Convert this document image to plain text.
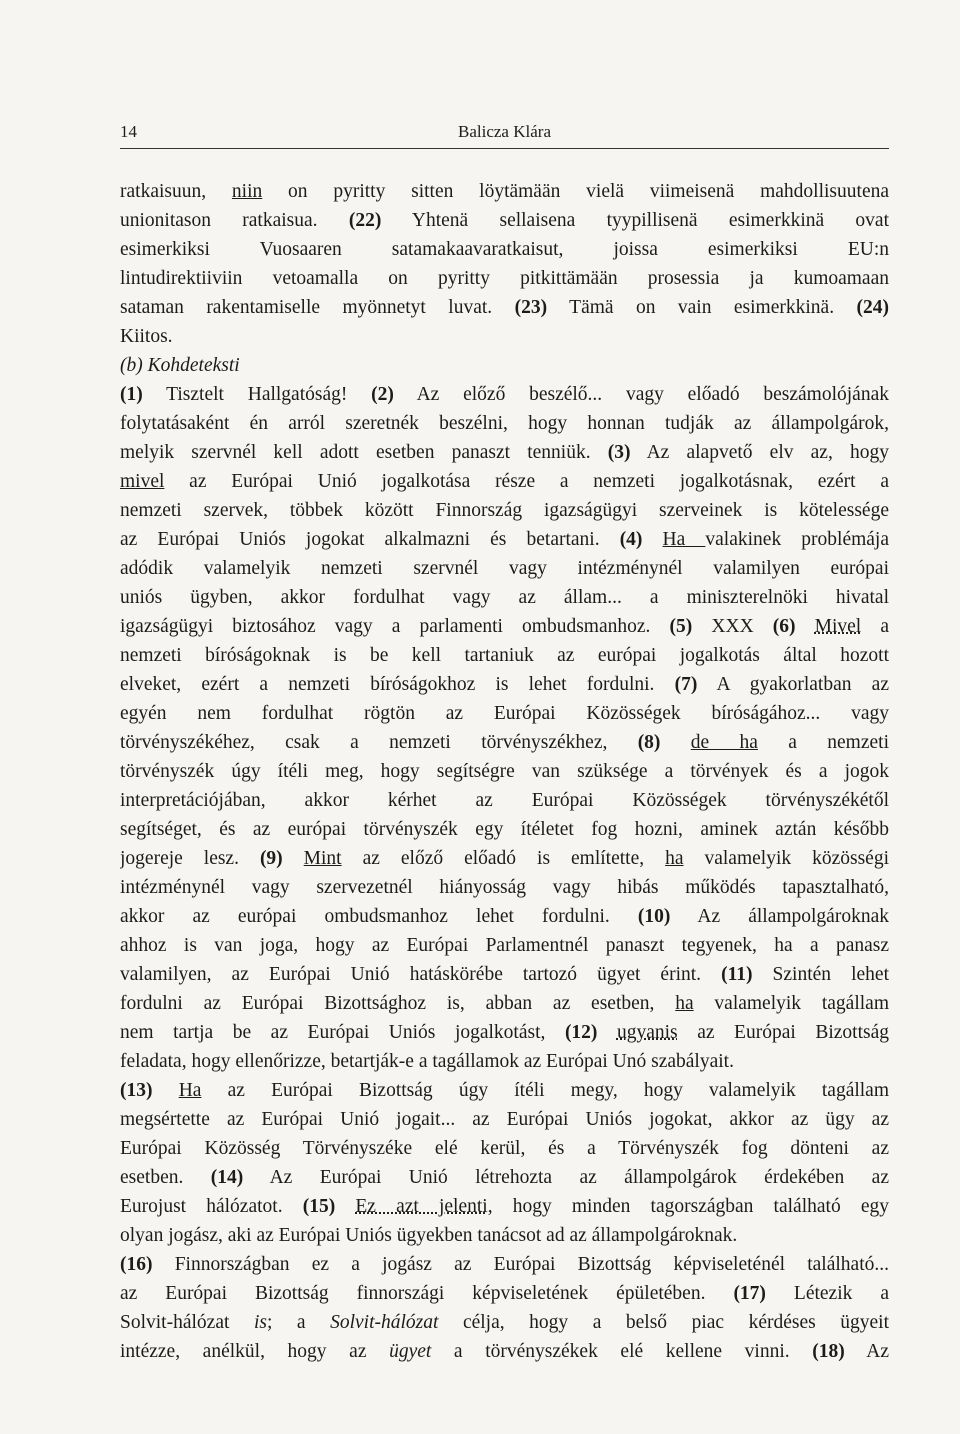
14	Balicza Klára
ratkaisuun, niin on pyritty sitten löytämään vielä viimeisenä mahdollisuutena
unionitason ratkaisua. (22) Yhtenä sellaisena tyypillisenä esimerkkinä ovat
esimerkiksi Vuosaaren satamakaavaratkaisut, joissa esimerkiksi EU:n
lintudirektiiviin vetoamalla on pyritty pitkittämään prosessia ja kumoamaan
sataman rakentamiselle myönnetyt luvat. (23) Tämä on vain esimerkkinä. (24)
Kiitos.
(b) Kohdeteksti
(1) Tisztelt Hallgatóság! (2) Az előző beszélő... vagy előadó beszámolójának
folytatásaként én arról szeretnék beszélni, hogy honnan tudják az állampolgárok,
melyik szervnél kell adott esetben panaszt tenniük. (3) Az alapvető elv az, hogy
mivel az Európai Unió jogalkotása része a nemzeti jogalkotásnak, ezért a
nemzeti szervek, többek között Finnország igazságügyi szerveinek is kötelessége
az Európai Uniós jogokat alkalmazni és betartani. (4) Ha valakinek problémája
adódik valamelyik nemzeti szervnél vagy intézménynél valamilyen európai
uniós ügyben, akkor fordulhat vagy az állam... a miniszterelnöki hivatal
igazságügyi biztosához vagy a parlamenti ombudsmanhoz. (5) XXX (6) Mivel a
nemzeti bíróságoknak is be kell tartaniuk az európai jogalkotás által hozott
elveket, ezért a nemzeti bíróságokhoz is lehet fordulni. (7) A gyakorlatban az
egyén nem fordulhat rögtön az Európai Közösségek bíróságához... vagy
törvényszékéhez, csak a nemzeti törvényszékhez, (8) de ha a nemzeti
törvényszék úgy ítéli meg, hogy segítségre van szüksége a törvények és a jogok
interpretációjában, akkor kérhet az Európai Közösségek törvényszékétől
segítséget, és az európai törvényszék egy ítéletet fog hozni, aminek aztán később
jogereje lesz. (9) Mint az előző előadó is említette, ha valamelyik közösségi
intézménynél vagy szervezetnél hiányosság vagy hibás működés tapasztalható,
akkor az európai ombudsmanhoz lehet fordulni. (10) Az állampolgároknak
ahhoz is van joga, hogy az Európai Parlamentnél panaszt tegyenek, ha a panasz
valamilyen, az Európai Unió hatáskörébe tartozó ügyet érint. (11) Szintén lehet
fordulni az Európai Bizottsághoz is, abban az esetben, ha valamelyik tagállam
nem tartja be az Európai Uniós jogalkotást, (12) ugyanis az Európai Bizottság
feladata, hogy ellenőrizze, betartják-e a tagállamok az Európai Unó szabályait.
(13) Ha az Európai Bizottság úgy ítéli megy, hogy valamelyik tagállam
megsértette az Európai Unió jogait... az Európai Uniós jogokat, akkor az ügy az
Európai Közösség Törvényszéke elé kerül, és a Törvényszék fog dönteni az
esetben. (14) Az Európai Unió létrehozta az állampolgárok érdekében az
Eurojust hálózatot. (15) Ez azt jelenti, hogy minden tagországban található egy
olyan jogász, aki az Európai Uniós ügyekben tanácsot ad az állampolgároknak.
(16) Finnországban ez a jogász az Európai Bizottság képviseleténél található...
az Európai Bizottság finnországi képviseletének épületében. (17) Létezik a
Solvit-hálózat is; a Solvit-hálózat célja, hogy a belső piac kérdéses ügyeit
intézze, anélkül, hogy az ügyet a törvényszékek elé kellene vinni. (18) Az
